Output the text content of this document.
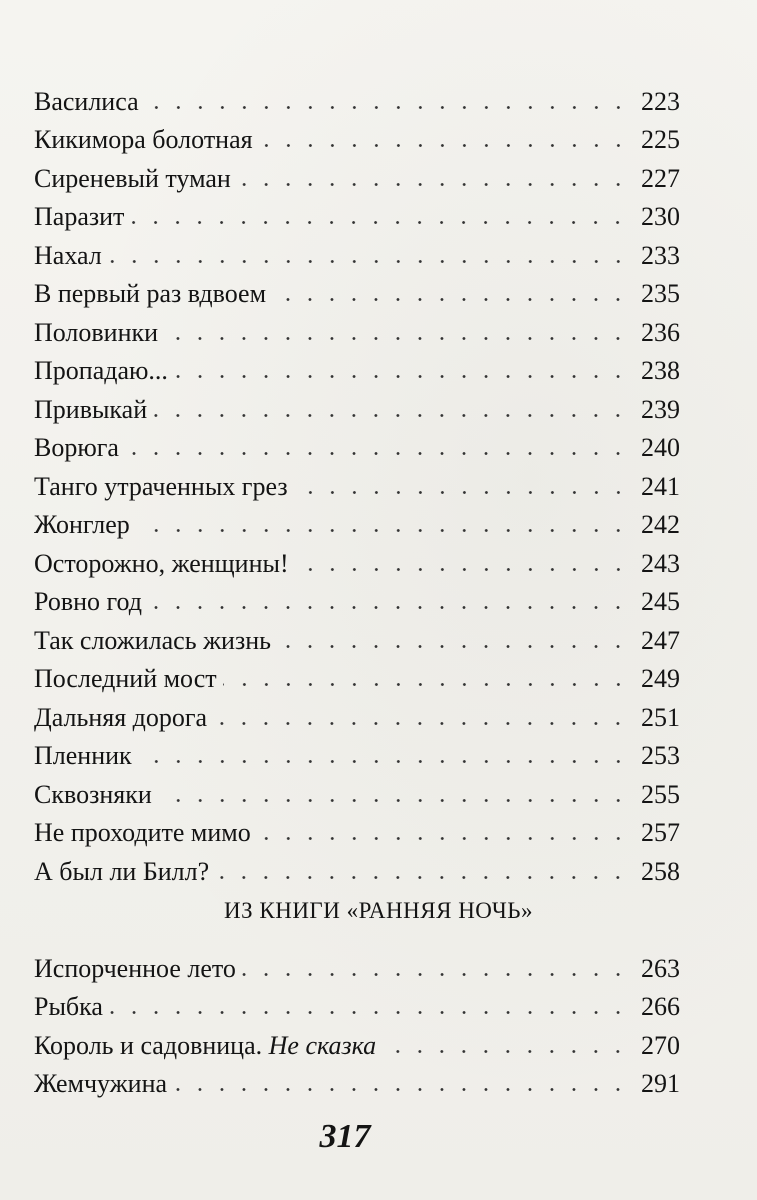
Василиса	223
Кикимора болотная	225
Сиреневый туман	227
Паразит	230
Нахал	233
В первый раз вдвоем	235
Половинки	236
Пропадаю...	238
Привыкай	239
Ворюга	240
Танго утраченных грез	241
Жонглер	242
Осторожно, женщины!	243
Ровно год	245
Так сложилась жизнь	247
Последний мост	249
Дальняя дорога	251
Пленник	253
Сквозняки	255
Не проходите мимо	257
А был ли Билл?	258
ИЗ КНИГИ «РАННЯЯ НОЧЬ»
Испорченное лето	263
Рыбка	266
Король и садовница. Не сказка	270
Жемчужина	291
317
